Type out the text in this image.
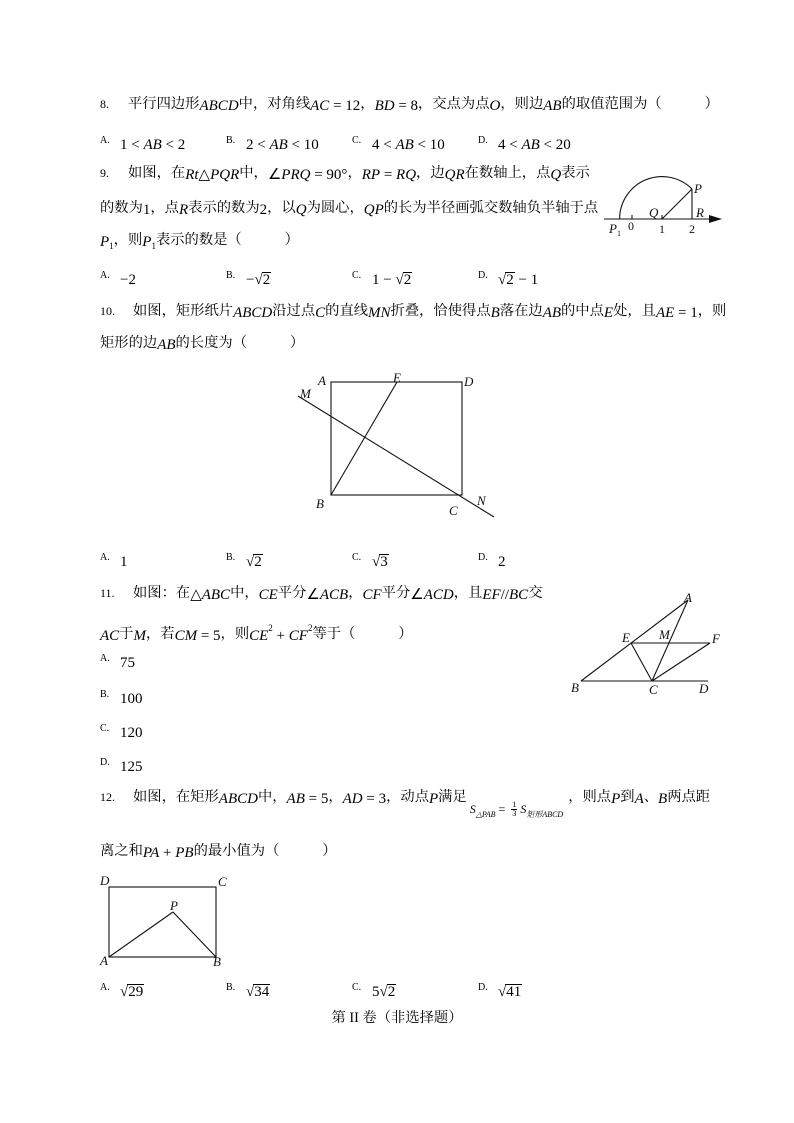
8. 平行四边形ABCD中，对角线AC = 12，BD = 8，交点为点O，则边AB的取值范围为（　　　）
A. 1 < AB < 2	B. 2 < AB < 10	C. 4 < AB < 10	D. 4 < AB < 20
9. 如图，在Rt△PQR中，∠PRQ = 90°，RP = RQ，边QR在数轴上，点Q表示
的数为1，点R表示的数为2，以Q为圆心，QP的长为半径画弧交数轴负半轴于点
$P_1$，则$P_1$表示的数是（　　　）
A. −2	B. −√2	C. 1 − √2	D. √2 − 1
10. 如图，矩形纸片ABCD沿过点C的直线MN折叠，恰使得点B落在边AB的中点E处，且AE = 1，则
矩形的边AB的长度为（　　　）
A. 1	B. √2	C. √3	D. 2
11. 如图：在△ABC中，CE平分∠ACB，CF平分∠ACD，且EF//BC交
AC于M，若CM = 5，则$CE^2 + CF^2$等于（　　　）
A. 75
B. 100
C. 120
D. 125
12. 如图，在矩形ABCD中，AB = 5，AD = 3，动点P满足$S_{\triangle PAB} = \frac{1}{3} S_{矩形ABCD}$，则点P到A、B两点距
离之和PA + PB的最小值为（　　　）
A. √29	B. √34	C. 5√2	D. √41
第 II 卷（非选择题）
P
Q	R
$P_1$
0 1 2
A	E	D
B	C
M
N
A
E M	F
B	C	D
D	C
P
A	B
